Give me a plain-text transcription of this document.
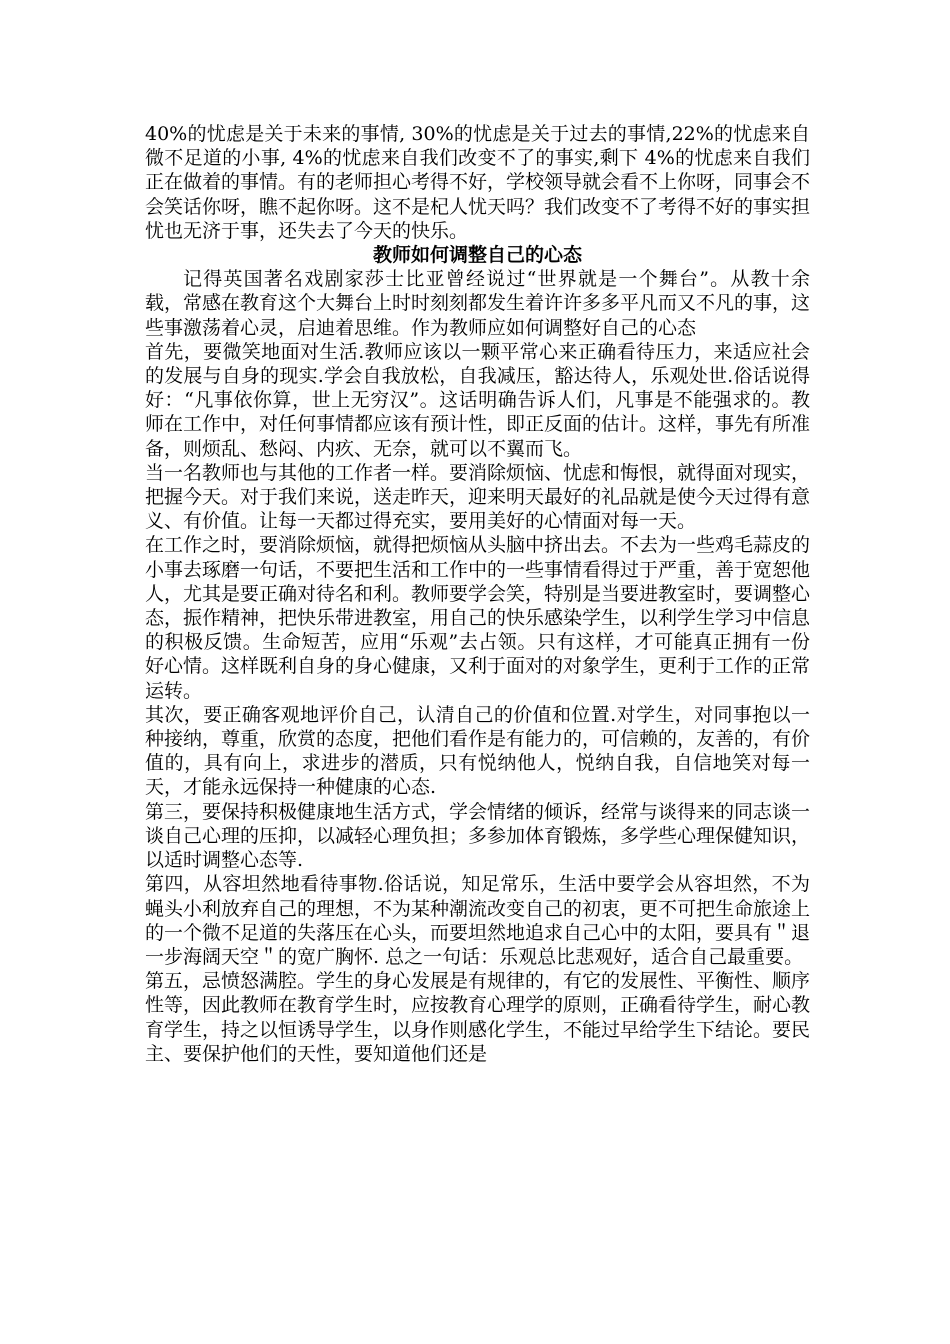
40%的忧虑是关于未来的事情, 30%的忧虑是关于过去的事情,22%的忧虑来自微不足道的小事, 4%的忧虑来自我们改变不了的事实,剩下 4%的忧虑来自我们正在做着的事情。有的老师担心考得不好，学校领导就会看不上你呀，同事会不会笑话你呀，瞧不起你呀。这不是杞人忧天吗？我们改变不了考得不好的事实担忧也无济于事，还失去了今天的快乐。

教师如何调整自己的心态

记得英国著名戏剧家莎士比亚曾经说过“世界就是一个舞台”。从教十余载，常感在教育这个大舞台上时时刻刻都发生着许许多多平凡而又不凡的事，这些事激荡着心灵，启迪着思维。作为教师应如何调整好自己的心态

首先，要微笑地面对生活.教师应该以一颗平常心来正确看待压力，来适应社会的发展与自身的现实.学会自我放松，自我减压，豁达待人，乐观处世.俗话说得好：“凡事依你算，世上无穷汉”。这话明确告诉人们，凡事是不能强求的。教师在工作中，对任何事情都应该有预计性，即正反面的估计。这样，事先有所准备，则烦乱、愁闷、内疚、无奈，就可以不翼而飞。

当一名教师也与其他的工作者一样。要消除烦恼、忧虑和悔恨，就得面对现实，把握今天。对于我们来说，送走昨天，迎来明天最好的礼品就是使今天过得有意义、有价值。让每一天都过得充实，要用美好的心情面对每一天。

在工作之时，要消除烦恼，就得把烦恼从头脑中挤出去。不去为一些鸡毛蒜皮的小事去琢磨一句话，不要把生活和工作中的一些事情看得过于严重，善于宽恕他人，尤其是要正确对待名和利。教师要学会笑，特别是当要进教室时，要调整心态，振作精神，把快乐带进教室，用自己的快乐感染学生，以利学生学习中信息的积极反馈。生命短苦，应用“乐观”去占领。只有这样，才可能真正拥有一份好心情。这样既利自身的身心健康，又利于面对的对象学生，更利于工作的正常运转。

其次，要正确客观地评价自己，认清自己的价值和位置.对学生，对同事抱以一种接纳，尊重，欣赏的态度，把他们看作是有能力的，可信赖的，友善的，有价值的，具有向上，求进步的潜质，只有悦纳他人，悦纳自我，自信地笑对每一天，才能永远保持一种健康的心态.

第三，要保持积极健康地生活方式，学会情绪的倾诉，经常与谈得来的同志谈一谈自己心理的压抑，以减轻心理负担；多参加体育锻炼，多学些心理保健知识，以适时调整心态等.

第四，从容坦然地看待事物.俗话说，知足常乐，生活中要学会从容坦然，不为蝇头小利放弃自己的理想，不为某种潮流改变自己的初衷，更不可把生命旅途上的一个微不足道的失落压在心头，而要坦然地追求自己心中的太阳，要具有＂退一步海阔天空＂的宽广胸怀. 总之一句话：乐观总比悲观好，适合自己最重要。

第五，忌愤怒满腔。学生的身心发展是有规律的，有它的发展性、平衡性、顺序性等，因此教师在教育学生时，应按教育心理学的原则，正确看待学生，耐心教育学生，持之以恒诱导学生，以身作则感化学生，不能过早给学生下结论。要民主、要保护他们的天性，要知道他们还是
